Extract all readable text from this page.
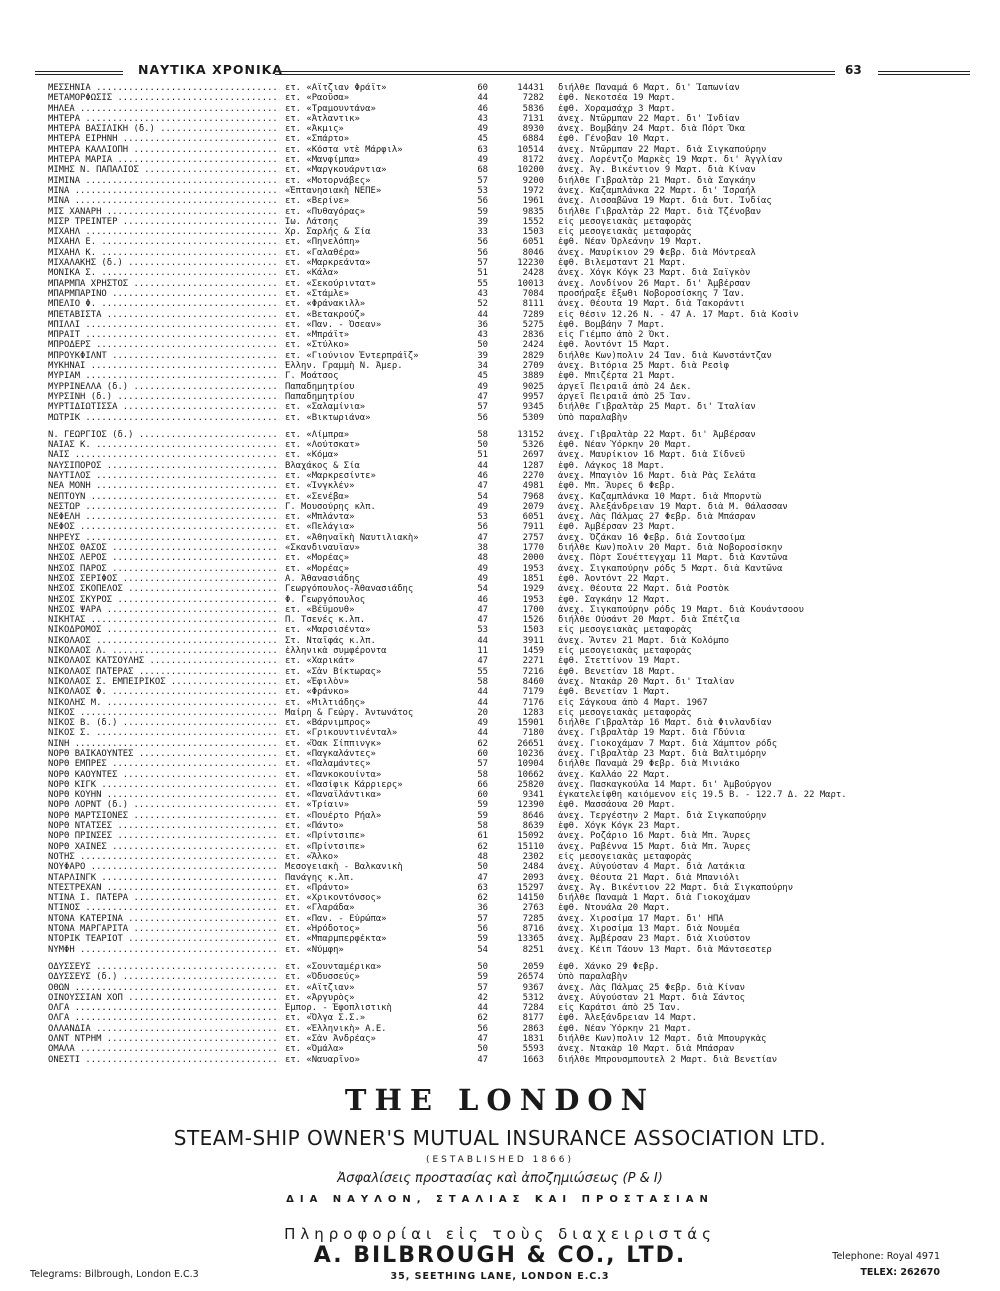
ΝΑΥΤΙΚΑ ΧΡΟΝΙΚΑ	63
ΜΕΣΣΗΝΙΑ .....	ετ. «Αΐτζιαν Φράϊτ»	60	14431 διήλθε Παναμά 6 Μαρτ. δι' Ἰαπωνίαν
ΜΕΤΑΜΟΡΦΩΣΙΣ .....	ετ. «Ραοῦσα»	44	7282 ἐφθ. Νεκοτσέα 19 Μαρτ.
ΜΗΛΕΑ .....	ετ. «Τραμουντάνα»	46	5836 ἐφθ. Χοραμσάχρ 3 Μαρτ.
ΜΗΤΕΡΑ .....	ετ. «Ἀτλαντικ»	43	7131 ἀνεχ. Ντῶρμπαν 22 Μαρτ. δι' Ἰνδίαν
ΜΗΤΕΡΑ ΒΑΣΙΛΙΚΗ (δ.) .....	ετ. «Ἀκμις»	49	8930 ἀνεχ. Βομβάην 24 Μαρτ. διὰ Πόρτ Ὄκα
ΜΗΤΕΡΑ ΕΙΡΗΝΗ .....	ετ. «Σπάρτο»	45	6884 ἐφθ. Γένοβαν 10 Μαρτ.
ΜΗΤΕΡΑ ΚΑΛΛΙΟΠΗ .....	ετ. «Κόστα ντὲ Μάρφιλ»	63	10514 ἀνεχ. Ντῶρμπαν 22 Μαρτ. διὰ Σιγκαπούρην
ΜΗΤΕΡΑ ΜΑΡΙΑ .....	ετ. «Μανφίμπα»	49	8172 ἀνεχ. Λορέντζο Μαρκὲς 19 Μαρτ. δι' Ἀγγλίαν
ΜΙΜΗΣ Ν. ΠΑΠΑΛΙΟΣ .....	ετ. «Μαργκουάρντια»	68	10200 ἀνεχ. Ἀγ. Βικέντιον 9 Μαρτ. διὰ Κίναν
ΜΙΜΙΝΑ .....	ετ. «Μοτορνάβες»	57	9200 διήλθε Γιβραλτὰρ 21 Μαρτ. διὰ Σαγκάην
ΜΙΝΑ .....	«Ἐπτανησιακὴ ΝΕΠΕ»	53	1972 ἀνεχ. Καζαμπλάνκα 22 Μαρτ. δι' Ἰσραήλ
ΜΙΝΑ .....	ετ. «Βερίνε»	56	1961 ἀνεχ. Λισσαβῶνα 19 Μαρτ. διὰ δυτ. Ἰνδίας
ΜΙΣ ΧΑΝΑΡΗ .....	ετ. «Πυθαγόρας»	59	9835 διήλθε Γιβραλτὰρ 22 Μαρτ. διὰ Τζένοβαν
ΜΙΣΡ ΤΡΕΪΝΤΕΡ .....	Ἰω. Λάτσης	39	1552 εἰς μεσογειακὰς μεταφορὰς
ΜΙΧΑΗΛ .....	Χρ. Σαρλής & Σία	33	1503 εἰς μεσογειακὰς μεταφορὰς
ΜΙΧΑΗΛ Ε. .....	ετ. «Πηνελόπη»	56	6051 ἐφθ. Νέαν Ὀρλεάνην 19 Μαρτ.
ΜΙΧΑΗΛ Κ. .....	ετ. «Γαλαθέρα»	56	8046 ἀνεχ. Μαυρίκιον 29 Φεβρ. διὰ Μόντρεαλ
ΜΙΧΑΛΑΚΗΣ (δ.) .....	ετ. «Μαρκρεάντα»	57	12230 ἐφθ. Βιλεμσταντ 21 Μαρτ.
ΜΟΝΙΚΑ Σ. .....	ετ. «Κάλα»	51	2428 ἀνεχ. Χόγκ Κόγκ 23 Μαρτ. διὰ Σαϊγκὸν
ΜΠΑΡΜΠΑ ΧΡΗΣΤΟΣ .....	ετ. «Σεκούριντατ»	55	10013 ἀνεχ. Λονδίνον 26 Μαρτ. δι' Ἀμβέρσαν
ΜΠΑΡΜΠΑΡΙΝΟ .....	ετ. «Στάμλε»	43	7084 προσήραξε ἔξωθι Νοβοροσίσκης 7 Ἰαν.
ΜΠΕΛΙΟ Φ. .....	ετ. «Φράνακιλλ»	52	8111 ἀνεχ. Θέουτα 19 Μαρτ. διὰ Τακοράντι
ΜΠΕΤΑΒΙΣΤΑ .....	ετ. «Βετακρούζ»	44	7289 εἰς θέσιν 12.26 Ν. - 47 Α. 17 Μαρτ. διὰ Κοσὶν
ΜΠΙΛΛΙ .....	ετ. «Παν. - Ὀσεαν»	36	5275 ἐφθ. Βομβάην 7 Μαρτ.
ΜΠΡΑΪΤ .....	ετ. «Μπράϊτ»	43	2836 εἰς Γιέμπο ἀπὸ 2 Ὀκτ.
ΜΠΡΟΔΕΡΣ .....	ετ. «Στύλκο»	50	2424 ἐφθ. Ἀοντόντ 15 Μαρτ.
ΜΠΡΟΥΚΦΙΛΝΤ .....	ετ. «Γιούνιον Ἐντερπράϊζ»	39	2829 διήλθε Κων)πολιν 24 Ἰαν. διὰ Κωνστάντζαν
ΜΥΚΗΝΑΙ .....	Ἑλλην. Γραμμὴ Ν. Ἀμερ.	34	2709 ἀνεχ. Βιτόρια 25 Μαρτ. διὰ Ρεσὶφ
ΜΥΡΙΑΜ .....	Γ. Μοάτσος	45	3889 ἐφθ. Μπιζέρτα 21 Μαρτ.
ΜΥΡΡΙΝΕΛΛΑ (δ.) .....	Παπαδημητρίου	49	9025 ἀργεῖ Πειραιᾶ ἀπὸ 24 Δεκ.
ΜΥΡΣΙΝΗ (δ.) .....	Παπαδημητρίου	47	9957 ἀργεῖ Πειραιᾶ ἀπὸ 25 Ἰαν.
ΜΥΡΤΙΔΙΩΤΙΣΣΑ .....	ετ. «Σαλαμίνια»	57	9345 διήλθε Γιβραλτὰρ 25 Μαρτ. δι' Ἰταλίαν
ΜΩΤΡΙΚ .....	ετ. «Βικτωριάνα»	56	5309 ὑπὸ παραλαβὴν
Ν. ΓΕΩΡΓΙΟΣ (δ.) .....	ετ. «Λίμπρα»	58	13152 ἀνεχ. Γιβραλτὰρ 22 Μαρτ. δι' Ἀμβέρσαν
ΝΑΪΑΣ Κ. .....	ετ. «Λούτσκατ»	50	5326 ἐφθ. Νέαν Ὑόρκην 20 Μαρτ.
ΝΑΪΣ .....	ετ. «Κόμα»	51	2697 ἀνεχ. Μαυρίκιον 16 Μαρτ. διὰ Σίδνεϋ
ΝΑΥΣΙΠΟΡΟΣ .....	Βλαχάκος & Σία	44	1287 ἐφθ. Λάγκος 18 Μαρτ.
ΝΑΥΤΙΛΟΣ .....	ετ. «Μαρκρεσίντε»	46	2270 ἀνεχ. Μπαγιὸν 16 Μαρτ. διὰ Ρὰς Σελάτα
ΝΕΑ ΜΟΝΗ .....	ετ. «Ἰνγκλέν»	47	4981 ἐφθ. Μπ. Ἄυρες 6 Φεβρ.
ΝΕΠΤΟΥΝ .....	ετ. «Σενέβα»	54	7968 ἀνεχ. Καζαμπλάνκα 10 Μαρτ. διὰ Μπορντὼ
ΝΕΣΤΩΡ .....	Γ. Μουσούρης κλπ.	49	2079 ἀνεχ. Ἀλεξάνδρειαν 19 Μαρτ. διὰ Μ. Θάλασσαν
ΝΕΦΕΛΗ .....	ετ. «Μπλάντα»	53	6051 ἀνεχ. Λὰς Πάλμας 27 Φεβρ. διὰ Μπάσραν
ΝΕΦΟΣ .....	ετ. «Πελάγια»	56	7911 ἐφθ. Ἀμβέρσαν 23 Μαρτ.
ΝΗΡΕΥΣ .....	ετ. «Ἀθηναϊκὴ Ναυτιλιακὴ»	47	2757 ἀνεχ. Ὀζάκαν 16 Φεβρ. διὰ Σοντσοίμα
ΝΗΣΟΣ ΘΑΣΟΣ .....	«Σκανδιναυΐαν»	38	1770 διήλθε Κων)πολιν 20 Μαρτ. διὰ Νοβοροσίσκην
ΝΗΣΟΣ ΛΕΡΟΣ .....	ετ. «Μορέας»	48	2000 ἀνεχ. Πὸρτ Σουέττεγχαμ 11 Μαρτ. διὰ Καντῶνα
ΝΗΣΟΣ ΠΑΡΟΣ .....	ετ. «Μορέας»	49	1953 ἀνεχ. Σιγκαπούρην ρόδς 5 Μαρτ. διὰ Καντῶνα
ΝΗΣΟΣ ΣΕΡΙΦΟΣ .....	Α. Ἀθανασιάδης	49	1851 ἐφθ. Ἀοντόντ 22 Μαρτ.
ΝΗΣΟΣ ΣΚΟΠΕΛΟΣ .....	Γεωργόπουλος-Ἀθανασιάδης	54	1929 ἀνεχ. Θέουτα 22 Μαρτ. διὰ Ροστὸκ
ΝΗΣΟΣ ΣΚΥΡΟΣ .....	Φ. Γεωργόπουλος	46	1953 ἐφθ. Σαγκάην 12 Μαρτ.
ΝΗΣΟΣ ΨΑΡΑ .....	ετ. «Βέϋμουθ»	47	1700 ἀνεχ. Σιγκαπούρην ρόδς 19 Μαρτ. διὰ Κουάντσοου
ΝΙΚΗΤΑΣ .....	Π. Τσενές κ.λπ.	47	1526 διήλθε Οὐσάντ 20 Μαρτ. διὰ Σπέτζια
ΝΙΚΟΔΡΟΜΟΣ .....	ετ. «Μαρσισέντα»	53	1503 εἰς μεσογειακὰς μεταφορὰς
ΝΙΚΟΛΑΟΣ .....	Στ. Νταϊφάς κ.λπ.	44	3911 ἀνεχ. Ἄντεν 21 Μαρτ. διὰ Κολόμπο
ΝΙΚΟΛΑΟΣ Λ. .....	ἑλληνικὰ συμφέροντα	11	1459 εἰς μεσογειακὰς μεταφορὰς
ΝΙΚΟΛΑΟΣ ΚΑΤΣΟΥΛΗΣ .....	ετ. «Χαρικάτ»	47	2271 ἐφθ. Στεττίνον 19 Μαρτ.
ΝΙΚΟΛΑΟΣ ΠΑΤΕΡΑΣ .....	ετ. «Σὰν Βίκτωρας»	55	7216 ἐφθ. Βενετίαν 18 Μαρτ.
ΝΙΚΟΛΑΟΣ Σ. ΕΜΠΕΙΡΙΚΟΣ .....	ετ. «Ἐφιλὸν»	58	8460 ἀνεχ. Ντακὰρ 20 Μαρτ. δι' Ἰταλίαν
ΝΙΚΟΛΑΟΣ Φ. .....	ετ. «Φράνκο»	44	7179 ἐφθ. Βενετίαν 1 Μαρτ.
ΝΙΚΟΛΗΣ Μ. .....	ετ. «Μιλτιάδης»	44	7176 εἰς Σάγκουα ἀπὸ 4 Μαρτ. 1967
ΝΙΚΟΣ .....	Μαίρη & Γεώργ. Ἀντωνάτος	20	1283 εἰς μεσογειακὰς μεταφορὰς
ΝΙΚΟΣ Β. (δ.) .....	ετ. «Βάρνιμπρος»	49	15901 διήλθε Γιβραλτὰρ 16 Μαρτ. διὰ Φινλανδίαν
ΝΙΚΟΣ Σ. .....	ετ. «Γρικουντινένταλ»	44	7180 ἀνεχ. Γιβραλτὰρ 19 Μαρτ. διὰ Γδύνια
ΝΙΝΗ .....	ετ. «Ὄακ Σίππινγκ»	62	26651 ἀνεχ. Γιοκοχάμαν 7 Μαρτ. διὰ Χάμπτον ρόδς
ΝΟΡΘ ΒΑΪΚΑΟΥΝΤΕΣ .....	ετ. «Παγκαλάντες»	60	10236 ἀνεχ. Γιβραλτὰρ 23 Μαρτ. διὰ Βαλτιμόρην
ΝΟΡΘ ΕΜΠΡΕΣ .....	ετ. «Παλαμάντες»	57	10904 διήλθε Παναμὰ 29 Φεβρ. διὰ Μινιάκο
ΝΟΡΘ ΚΑΟΥΝΤΕΣ .....	ετ. «Πανκοκουίντα»	58	10662 ἀνεχ. Καλλάο 22 Μαρτ.
ΝΟΡΘ ΚΙΓΚ .....	ετ. «Πασίφικ Κάρριερς»	66	25820 ἀνεχ. Πασκαγκούλα 14 Μαρτ. δι' Ἀμβούργον
ΝΟΡΘ ΚΟΥΗΝ .....	ετ. «Παναϊλάντικα»	60	9341 ἐγκατελείφθη καιόμενον εἰς 19.5 Β. - 122.7 Δ. 22 Μαρτ.
ΝΟΡΘ ΛΟΡΝΤ (δ.) .....	ετ. «Τρίαιν»	59	12390 ἐφθ. Μασσάουα 20 Μαρτ.
ΝΟΡΘ ΜΑΡΤΣΙΟΝΕΣ .....	ετ. «Πουέρτο Ρήαλ»	59	8646 ἀνεχ. Τεργέστην 2 Μαρτ. διὰ Σιγκαπούρην
ΝΟΡΘ ΝΤΑΤΣΕΣ .....	ετ. «Πάντο»	58	8639 ἐφθ. Χόγκ Κόγκ 23 Μαρτ.
ΝΟΡΘ ΠΡΙΝΣΕΣ .....	ετ. «Πρίντσιπε»	61	15092 ἀνεχ. Ροζάριο 16 Μαρτ. διὰ Μπ. Ἄυρες
ΝΟΡΘ ΧΑΪΝΕΣ .....	ετ. «Πρίντσιπε»	62	15110 ἀνεχ. Ραβέννα 15 Μαρτ. διὰ Μπ. Ἄυρες
ΝΟΤΗΣ .....	ετ. «Ἄλκο»	48	2302 εἰς μεσογειακὰς μεταφορὰς
ΝΟΥΦΑΡΟ .....	Μεσογειακὴ - Βαλκανικὴ	50	2484 ἀνεχ. Αὐγούσταν 4 Μαρτ. διὰ Λατάκια
ΝΤΑΡΛΙΝΓΚ .....	Πανάγης κ.λπ.	47	2093 ἀνεχ. Θέουτα 21 Μαρτ. διὰ Μπανιόλι
ΝΤΕΣΤΡΕΧΑΝ .....	ετ. «Πράντο»	63	15297 ἀνεχ. Ἀγ. Βικέντιον 22 Μαρτ. διὰ Σιγκαπούρην
ΝΤΙΝΑ Ι. ΠΑΤΕΡΑ .....	ετ. «Χρικοντόνσος»	62	14150 διήλθε Παναμὰ 1 Μαρτ. διὰ Γιοκοχάμαν
ΝΤΙΝΟΣ .....	ετ. «Γλαράδα»	36	2763 ἐφθ. Ντουάλα 20 Μαρτ.
ΝΤΟΝΑ ΚΑΤΕΡΙΝΑ .....	ετ. «Παν. - Εὐρώπα»	57	7285 ἀνεχ. Χιροσίμα 17 Μαρτ. δι' ΗΠΑ
ΝΤΟΝΑ ΜΑΡΓΑΡΙΤΑ .....	ετ. «Ἡρόδοτος»	56	8716 ἀνεχ. Χιροσίμα 13 Μαρτ. διὰ Νουμέα
ΝΤΟΡΙΚ ΤΕΑΡΙΟΤ .....	ετ. «Μπαρμπερφέκτα»	59	13365 ἀνεχ. Ἀμβέρσαν 23 Μαρτ. διὰ Χιούστον
ΝΥΜΦΗ .....	ετ. «Νύμφη»	54	8251 ἀνεχ. Κέιπ Τάουν 13 Μαρτ. διὰ Μάντσεστερ
ΟΔΥΣΣΕΥΣ .....	ετ. «Σουνταμέρικα»	50	2059 ἐφθ. Χάνκο 29 Φεβρ.
ΟΔΥΣΣΕΥΣ (δ.) .....	ετ. «Ὀδυσσεύς»	59	26574 ὑπὸ παραλαβὴν
ΟΘΩΝ .....	ετ. «Αΐτζιαν»	57	9367 ἀνεχ. Λὰς Πάλμας 25 Φεβρ. διὰ Κίναν
ΟΙΝΟΥΣΣΙΑΝ ΧΟΠ .....	ετ. «Ἀργυρὸς»	42	5312 ἀνεχ. Αὐγούσταν 21 Μαρτ. διὰ Σάντος
ΟΛΓΑ .....	Ἐμπορ. - Ἐφοπλιστικὴ	44	7284 εἰς Καράτσι ἀπὸ 25 Ἰαν.
ΟΛΓΑ .....	ετ. «Ὄλγα Σ.Σ.»	62	8177 ἐφθ. Ἀλεξάνδρειαν 14 Μαρτ.
ΟΛΛΑΝΔΙΑ .....	ετ. «Ἑλληνικὴ» Α.Ε.	56	2863 ἐφθ. Νέαν Ὑόρκην 21 Μαρτ.
ΟΛΝΤ ΝΤΡΗΜ .....	ετ. «Σὰν Ἀνδρέας»	47	1831 διήλθε Κων)πολιν 12 Μαρτ. διὰ Μπουργκὰς
ΟΜΑΛΑ .....	ετ. «Ὀμάλα»	50	5593 ἀνεχ. Ντακὰρ 10 Μαρτ. διὰ Μπάσραν
ΟΝΕΣΤΙ .....	ετ. «Ναυαρῖνο»	47	1663 διήλθε Μπρουσμπουτελ 2 Μαρτ. διὰ Βενετίαν
THE LONDON
STEAM-SHIP OWNER'S MUTUAL INSURANCE ASSOCIATION LTD.
(ESTABLISHED 1866)
Ἀσφαλίσεις προστασίας καὶ ἀποζημιώσεως (P & I)
ΔΙΑ ΝΑΥΛΟΝ, ΣΤΑΛΙΑΣ ΚΑΙ ΠΡΟΣΤΑΣΙΑΝ
Πληροφορίαι εἰς τοὺς διαχειριστάς
A. BILBROUGH & CO., LTD.
Telegrams: Bilbrough, London E.C.3	35, SEETHING LANE, LONDON E.C.3
Telephone: Royal 4971
TELEX: 262670
